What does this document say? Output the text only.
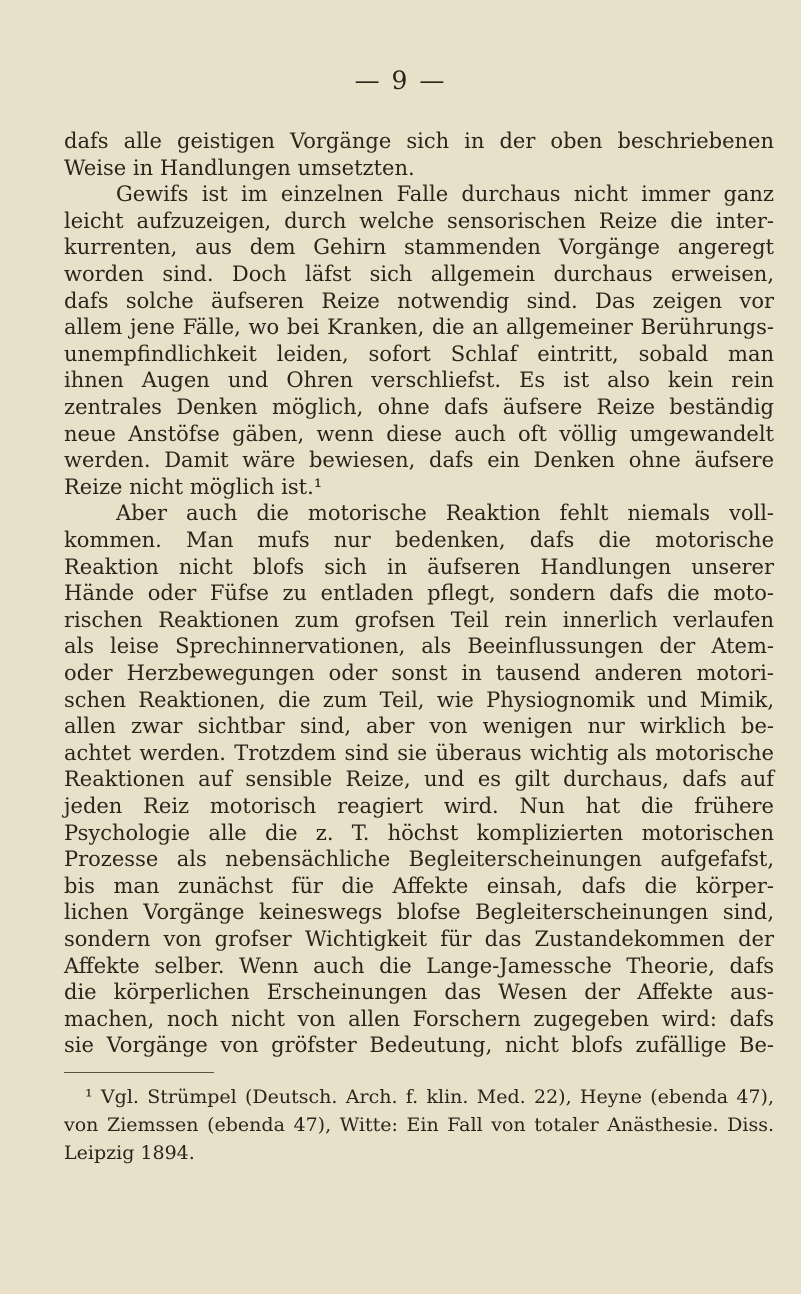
— 9 —
dafs alle geistigen Vorgänge sich in der oben beschriebenen
Weise in Handlungen umsetzten.
Gewifs ist im einzelnen Falle durchaus nicht immer ganz
leicht aufzuzeigen, durch welche sensorischen Reize die inter-
kurrenten, aus dem Gehirn stammenden Vorgänge angeregt
worden sind. Doch läfst sich allgemein durchaus erweisen,
dafs solche äufseren Reize notwendig sind. Das zeigen vor
allem jene Fälle, wo bei Kranken, die an allgemeiner Berührungs-
unempfindlichkeit leiden, sofort Schlaf eintritt, sobald man
ihnen Augen und Ohren verschliefst. Es ist also kein rein
zentrales Denken möglich, ohne dafs äufsere Reize beständig
neue Anstöfse gäben, wenn diese auch oft völlig umgewandelt
werden. Damit wäre bewiesen, dafs ein Denken ohne äufsere
Reize nicht möglich ist.¹
Aber auch die motorische Reaktion fehlt niemals voll-
kommen. Man mufs nur bedenken, dafs die motorische
Reaktion nicht blofs sich in äufseren Handlungen unserer
Hände oder Füfse zu entladen pflegt, sondern dafs die moto-
rischen Reaktionen zum grofsen Teil rein innerlich verlaufen
als leise Sprechinnervationen, als Beeinflussungen der Atem-
oder Herzbewegungen oder sonst in tausend anderen motori-
schen Reaktionen, die zum Teil, wie Physiognomik und Mimik,
allen zwar sichtbar sind, aber von wenigen nur wirklich be-
achtet werden. Trotzdem sind sie überaus wichtig als motorische
Reaktionen auf sensible Reize, und es gilt durchaus, dafs auf
jeden Reiz motorisch reagiert wird. Nun hat die frühere
Psychologie alle die z. T. höchst komplizierten motorischen
Prozesse als nebensächliche Begleiterscheinungen aufgefafst,
bis man zunächst für die Affekte einsah, dafs die körper-
lichen Vorgänge keineswegs blofse Begleiterscheinungen sind,
sondern von grofser Wichtigkeit für das Zustandekommen der
Affekte selber. Wenn auch die Lange-Jamessche Theorie, dafs
die körperlichen Erscheinungen das Wesen der Affekte aus-
machen, noch nicht von allen Forschern zugegeben wird: dafs
sie Vorgänge von gröfster Bedeutung, nicht blofs zufällige Be-
¹ Vgl. Strümpel (Deutsch. Arch. f. klin. Med. 22), Heyne (ebenda 47),
von Ziemssen (ebenda 47), Witte: Ein Fall von totaler Anästhesie. Diss.
Leipzig 1894.
